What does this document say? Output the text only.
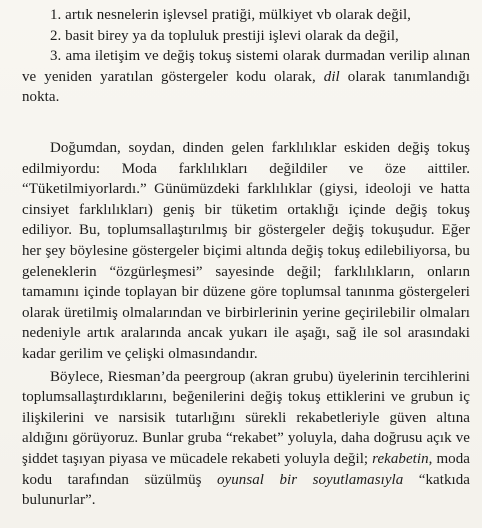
1. artık nesnelerin işlevsel pratiği, mülkiyet vb olarak değil,

2. basit birey ya da topluluk prestiji işlevi olarak da değil,

3. ama iletişim ve değiş tokuş sistemi olarak durmadan verilip alınan ve yeniden yaratılan göstergeler kodu olarak, dil olarak tanımlandığı nokta.

Doğumdan, soydan, dinden gelen farklılıklar eskiden değiş tokuş edilmiyordu: Moda farklılıkları değildiler ve öze aittiler. “Tüketilmiyorlardı.” Günümüzdeki farklılıklar (giysi, ideoloji ve hatta cinsiyet farklılıkları) geniş bir tüketim ortaklığı içinde değiş tokuş ediliyor. Bu, toplumsallaştırılmış bir göstergeler değiş tokuşudur. Eğer her şey böylesine göstergeler biçimi altında değiş tokuş edilebiliyorsa, bu geleneklerin “özgürleşmesi” sayesinde değil; farklılıkların, onların tamamını içinde toplayan bir düzene göre toplumsal tanınma göstergeleri olarak üretilmiş olmalarından ve birbirlerinin yerine geçirilebilir olmaları nedeniyle artık aralarında ancak yukarı ile aşağı, sağ ile sol arasındaki kadar gerilim ve çelişki olmasındandır.

Böylece, Riesman’da peergroup (akran grubu) üyelerinin tercihlerini toplumsallaştırdıklarını, beğenilerini değiş tokuş ettiklerini ve grubun iç ilişkilerini ve narsisik tutarlığını sürekli rekabetleriyle güven altına aldığını görüyoruz. Bunlar gruba “rekabet” yoluyla, daha doğrusu açık ve şiddet taşıyan piyasa ve mücadele rekabeti yoluyla değil; rekabetin, moda kodu tarafından süzülmüş oyunsal bir soyutlamasıyla “katkıda bulunurlar”.
